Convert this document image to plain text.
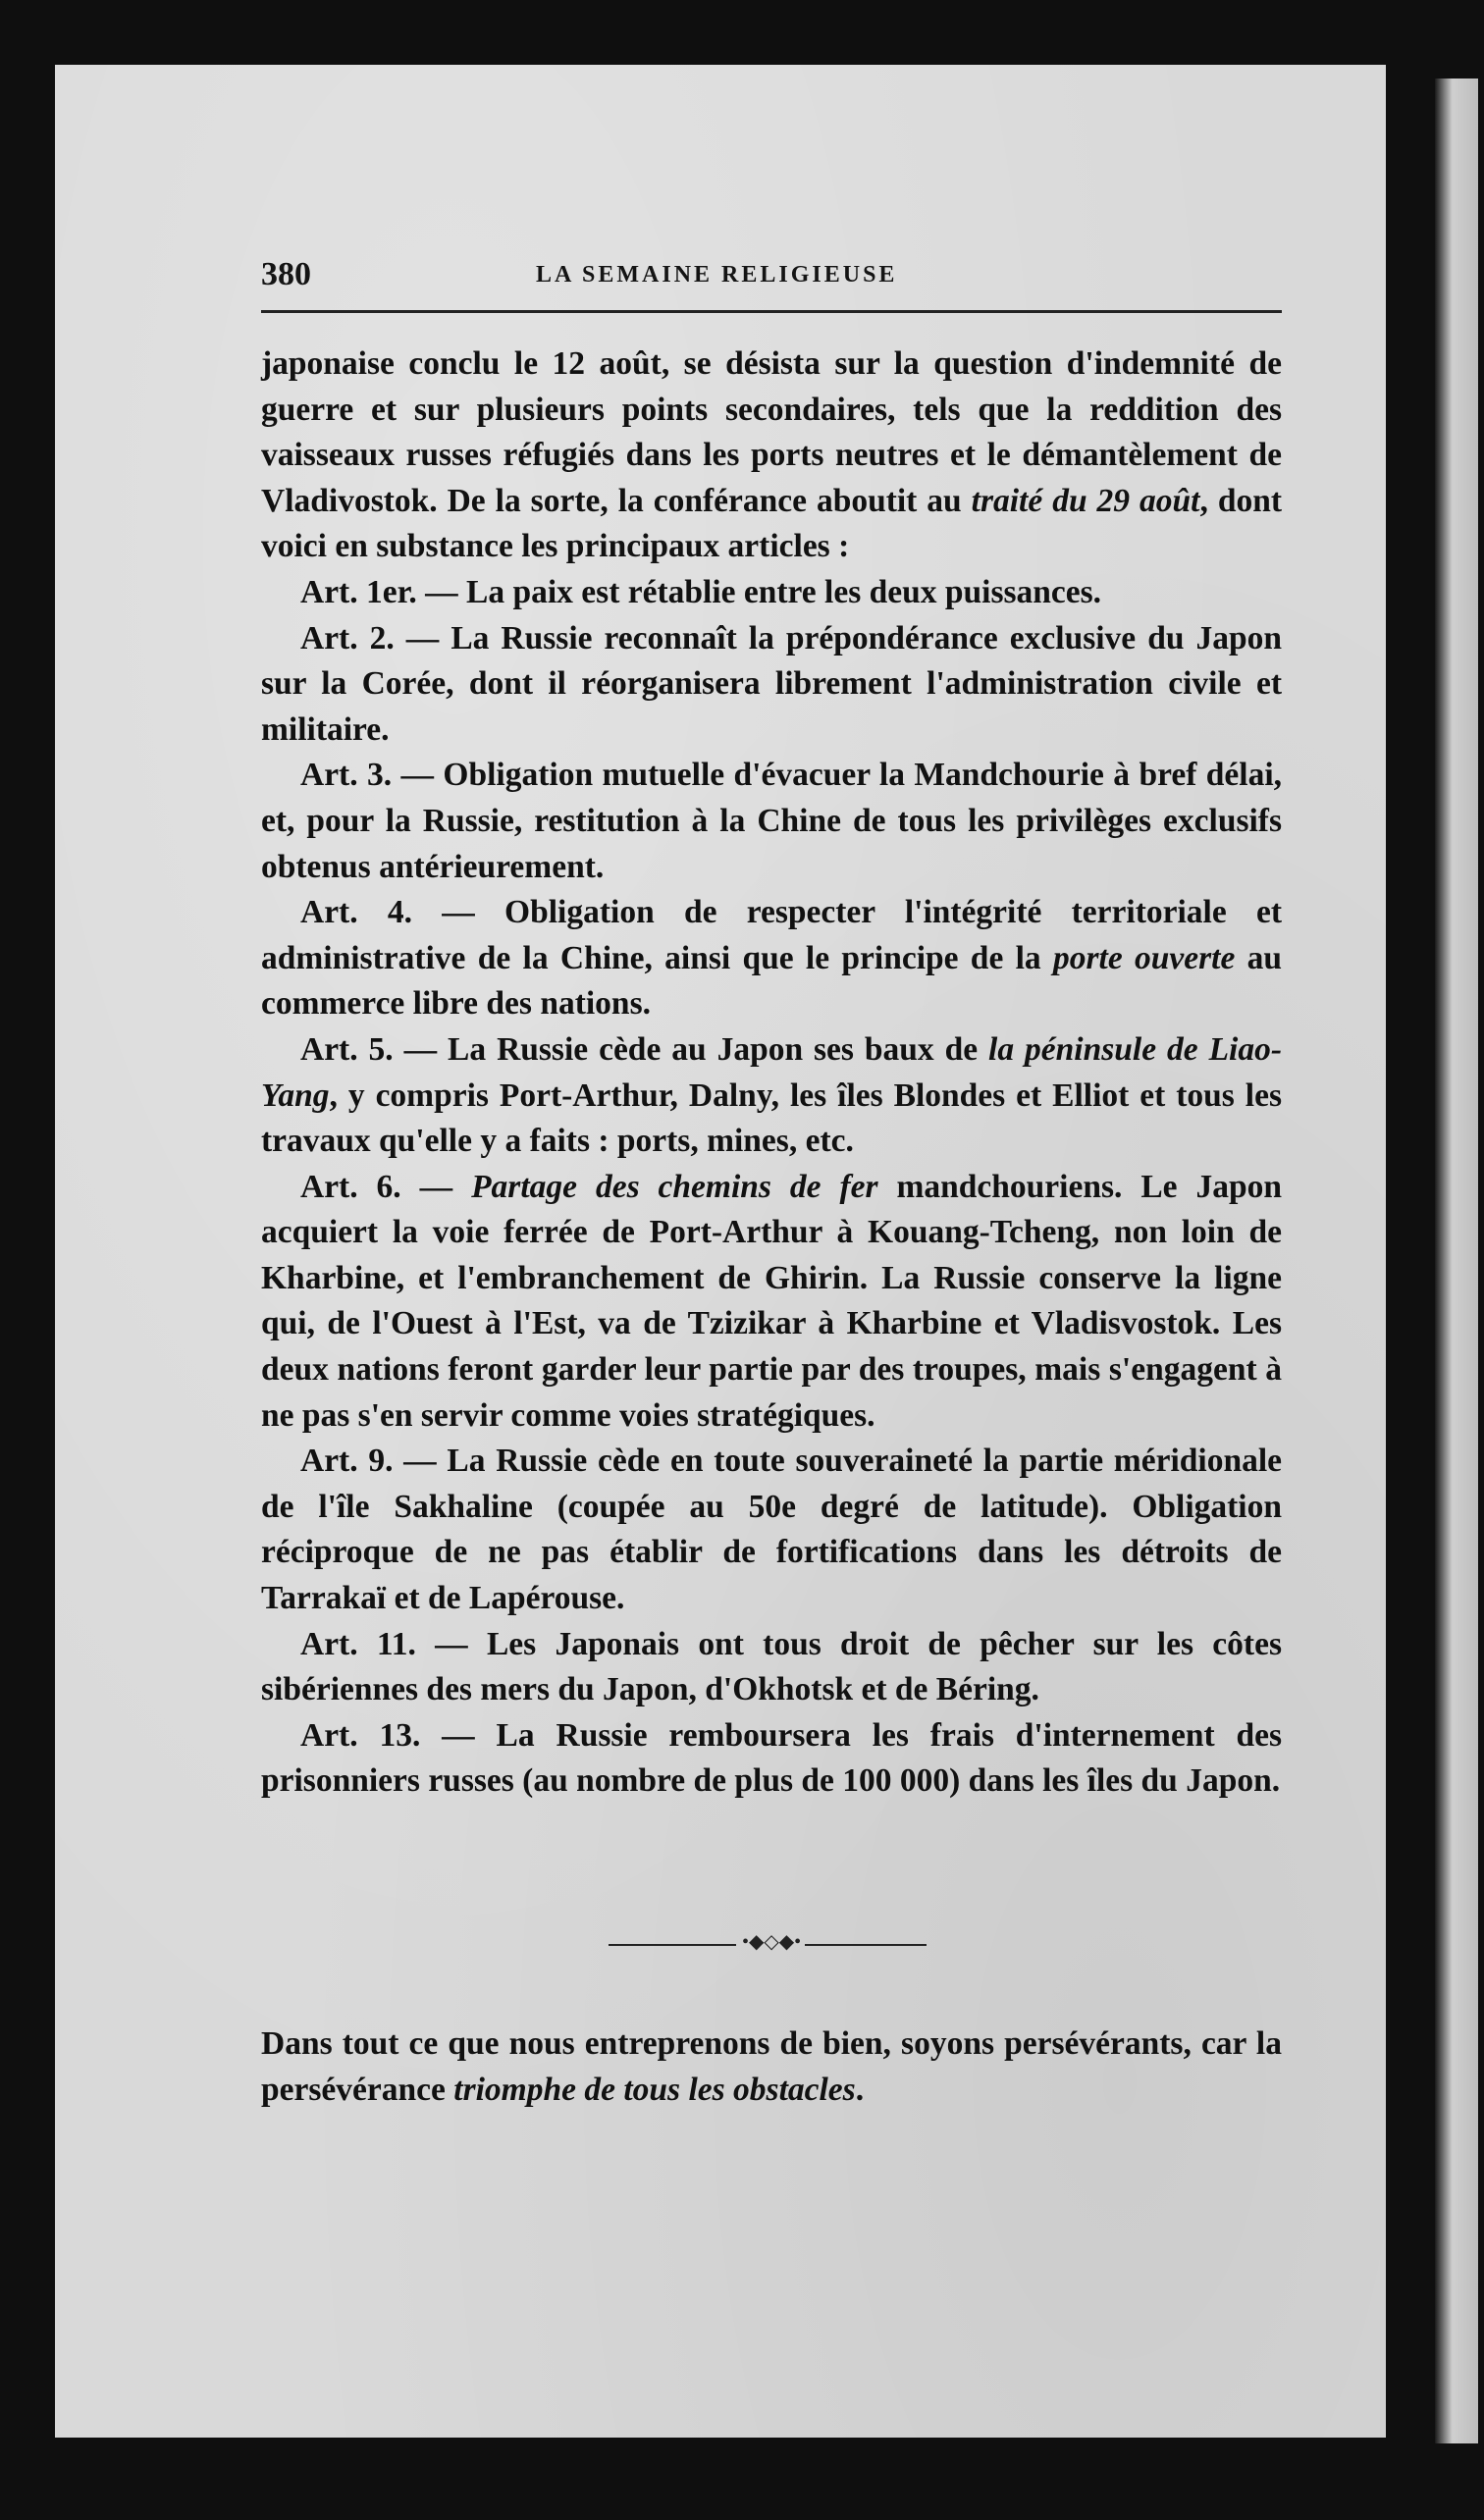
380	LA SEMAINE RELIGIEUSE

japonaise conclu le 12 août, se désista sur la question d'indemnité de guerre et sur plusieurs points secondaires, tels que la reddition des vaisseaux russes réfugiés dans les ports neutres et le démantèlement de Vladivostok. De la sorte, la conférance aboutit au traité du 29 août, dont voici en substance les principaux articles :

Art. 1er. — La paix est rétablie entre les deux puissances.

Art. 2. — La Russie reconnaît la prépondérance exclusive du Japon sur la Corée, dont il réorganisera librement l'administration civile et militaire.

Art. 3. — Obligation mutuelle d'évacuer la Mandchourie à bref délai, et, pour la Russie, restitution à la Chine de tous les privilèges exclusifs obtenus antérieurement.

Art. 4. — Obligation de respecter l'intégrité territoriale et administrative de la Chine, ainsi que le principe de la porte ouverte au commerce libre des nations.

Art. 5. — La Russie cède au Japon ses baux de la péninsule de Liao-Yang, y compris Port-Arthur, Dalny, les îles Blondes et Elliot et tous les travaux qu'elle y a faits : ports, mines, etc.

Art. 6. — Partage des chemins de fer mandchouriens. Le Japon acquiert la voie ferrée de Port-Arthur à Kouang-Tcheng, non loin de Kharbine, et l'embranchement de Ghirin. La Russie conserve la ligne qui, de l'Ouest à l'Est, va de Tzizikar à Kharbine et Vladisvostok. Les deux nations feront garder leur partie par des troupes, mais s'engagent à ne pas s'en servir comme voies stratégiques.

Art. 9. — La Russie cède en toute souveraineté la partie méridionale de l'île Sakhaline (coupée au 50e degré de latitude). Obligation réciproque de ne pas établir de fortifications dans les détroits de Tarrakaï et de Lapérouse.

Art. 11. — Les Japonais ont tous droit de pêcher sur les côtes sibériennes des mers du Japon, d'Okhotsk et de Béring.

Art. 13. — La Russie remboursera les frais d'internement des prisonniers russes (au nombre de plus de 100 000) dans les îles du Japon.

•◆◇◆•
Dans tout ce que nous entreprenons de bien, soyons persévérants, car la persévérance triomphe de tous les obstacles.
